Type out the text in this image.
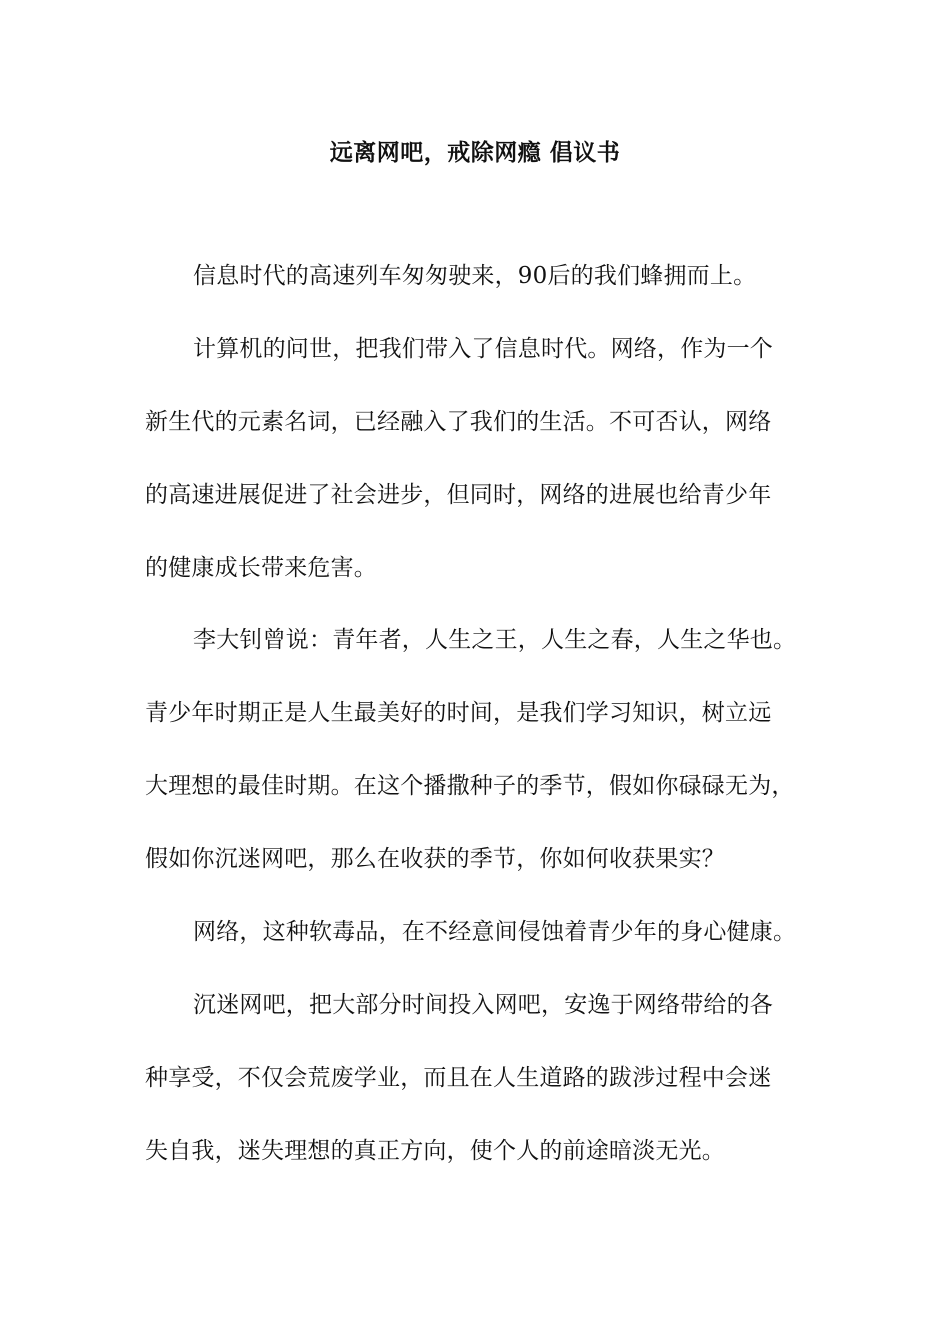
远离网吧，戒除网瘾 倡议书
信息时代的高速列车匆匆驶来，90后的我们蜂拥而上。
计算机的问世，把我们带入了信息时代。网络，作为一个
新生代的元素名词，已经融入了我们的生活。不可否认，网络
的高速进展促进了社会进步，但同时，网络的进展也给青少年
的健康成长带来危害。
李大钊曾说：青年者，人生之王，人生之春，人生之华也。
青少年时期正是人生最美好的时间，是我们学习知识，树立远
大理想的最佳时期。在这个播撒种子的季节，假如你碌碌无为，
假如你沉迷网吧，那么在收获的季节，你如何收获果实？
网络，这种软毒品，在不经意间侵蚀着青少年的身心健康。
沉迷网吧，把大部分时间投入网吧，安逸于网络带给的各
种享受，不仅会荒废学业，而且在人生道路的跋涉过程中会迷
失自我，迷失理想的真正方向，使个人的前途暗淡无光。
